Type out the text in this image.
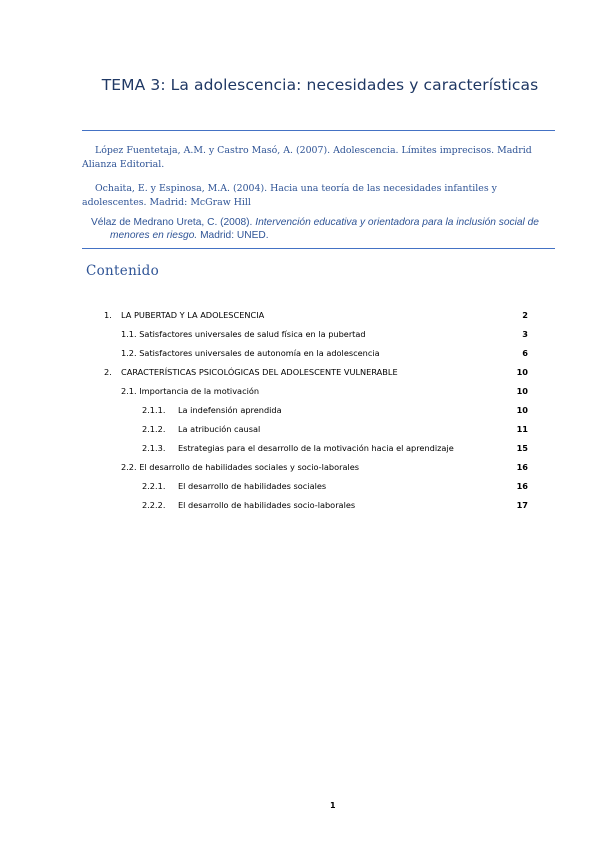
TEMA 3: La adolescencia: necesidades y características

López Fuentetaja, A.M. y Castro Masó, A. (2007). Adolescencia. Límites imprecisos. Madrid Alianza Editorial.

Ochaita, E. y Espinosa, M.A. (2004). Hacia una teoría de las necesidades infantiles y adolescentes. Madrid: McGraw Hill

Vélaz de Medrano Ureta, C. (2008). Intervención educativa y orientadora para la inclusión social de menores en riesgo. Madrid: UNED.

Contenido
1. LA PUBERTAD Y LA ADOLESCENCIA	2
1.1. Satisfactores universales de salud física en la pubertad	3
1.2. Satisfactores universales de autonomía en la adolescencia	6
2. CARACTERÍSTICAS PSICOLÓGICAS DEL ADOLESCENTE VULNERABLE	10
2.1. Importancia de la motivación	10
2.1.1. La indefensión aprendida	10
2.1.2. La atribución causal	11
2.1.3. Estrategias para el desarrollo de la motivación hacia el aprendizaje	15
2.2. El desarrollo de habilidades sociales y socio-laborales	16
2.2.1. El desarrollo de habilidades sociales	16
2.2.2. El desarrollo de habilidades socio-laborales	17
1
